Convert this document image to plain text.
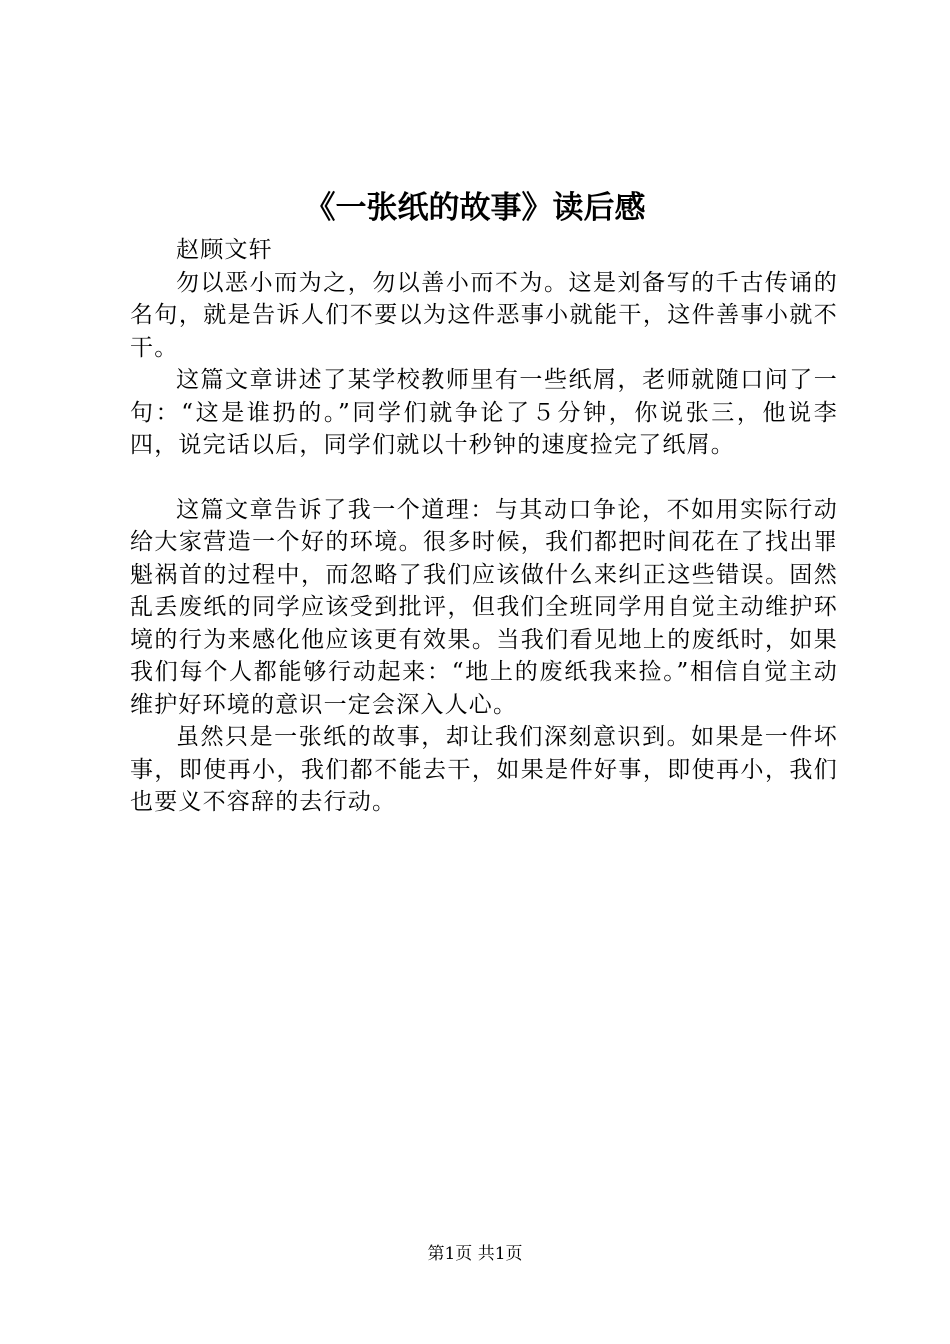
《一张纸的故事》读后感

赵顾文轩

勿以恶小而为之，勿以善小而不为。这是刘备写的千古传诵的名句，就是告诉人们不要以为这件恶事小就能干，这件善事小就不干。

这篇文章讲述了某学校教师里有一些纸屑，老师就随口问了一句：“这是谁扔的。”同学们就争论了５分钟，你说张三，他说李四，说完话以后，同学们就以十秒钟的速度捡完了纸屑。

这篇文章告诉了我一个道理：与其动口争论，不如用实际行动给大家营造一个好的环境。很多时候，我们都把时间花在了找出罪魁祸首的过程中，而忽略了我们应该做什么来纠正这些错误。固然乱丢废纸的同学应该受到批评，但我们全班同学用自觉主动维护环境的行为来感化他应该更有效果。当我们看见地上的废纸时，如果我们每个人都能够行动起来：“地上的废纸我来捡。”相信自觉主动维护好环境的意识一定会深入人心。

虽然只是一张纸的故事，却让我们深刻意识到。如果是一件坏事，即使再小，我们都不能去干，如果是件好事，即使再小，我们也要义不容辞的去行动。

第1页 共1页
